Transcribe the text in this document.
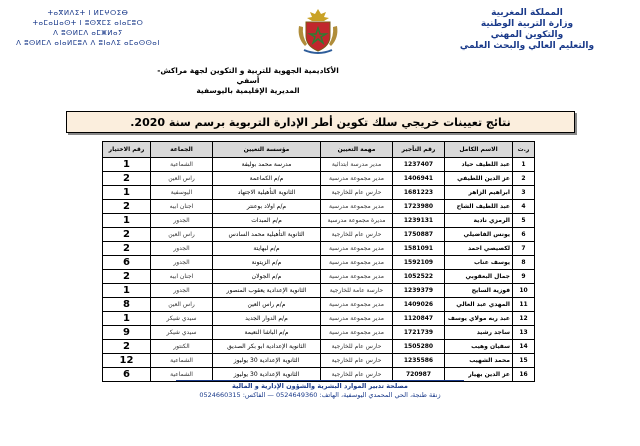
ⵜⴰⴳⵍⴷⵉⵜ ⵏ ⵍⵎⵖⵔⵉⴱ
ⵜⴰⵎⴰⵡⴰⵙⵜ ⵏ ⵓⵙⴳⵎⵉ ⴰⵏⴰⵎⵓⵔ
ⴷ ⵓⵙⵍⵎⴷ ⴰⵎⵥⵍⴰⵢ
ⴷ ⵓⵙⵍⵎⴷ ⴰⵏⴰⵍⵎⵓⴷ ⴷ ⵓⵏⴰⴷⵉ ⴰⵎⴰⵙⵙⴰⵏ
المملكة المغربية
وزارة التربية الوطنية
والتكوين المهني
والتعليم العالي والبحث العلمي
الأكاديمية الجهوية للتربية و التكوين لجهة مراكش-أسفي
المديرية الإقليمية باليوسفية
نتائج تعيينات خريجي سلك تكوين أطر الإدارة التربوية برسم سنة 2020.
ر.ت	الاسم الكامل	رقم التأجير	مهمة التعيين	مؤسسة التعيين	الجماعة	رقم الاختيار
1	عبد اللطيف حياد	1237407	مدير مدرسة ابتدائية	مدرسة محمد بوليفة	الشماعية	1
2	عز الدين اللطيفي	1406941	مدير مجموعة مدرسية	م/م الكماعمة	راس العين	2
3	ابراهيم الزاهر	1681223	حارس عام للخارجية	الثانوية التأهيلية الاجتهاد	اليوسفية	1
4	عبد اللطيف الشاح	1723980	مدير مجموعة مدرسية	م/م اولاد بوعنتر	اجنان ابيه	2
5	الرمزي نادية	1239131	مديرة مجموعة مدرسية	م/م المبدات	الجدور	1
6	يونس الفاضيلي	1750887	حارس عام للخارجية	الثانوية التأهيلية محمد السادس	راس العين	2
7	لكصيصي احمد	1581091	مدير مجموعة مدرسية	م/م لبهايتة	الجدور	2
8	يوسف عناب	1592109	مدير مجموعة مدرسية	م/م الزيتونة	الجدور	6
9	جمال البعقوبي	1052522	مدير مجموعة مدرسية	م/م الجولان	اجنان ابيه	2
10	فوزية السايح	1239379	حارسة عامة للخارجية	الثانوية الإعدادية يعقوب المنصور	الجدور	1
11	المهدي عبد العالي	1409026	مدير مجموعة مدرسية	م/م راس العين	راس العين	8
12	عبد ربه مولاي يوسف	1120847	مدير مجموعة مدرسية	م/م الدوار الجديد	سيدي شيكر	1
13	ساجد رشيد	1721739	مدير مجموعة مدرسية	م/م الباشا النعيمة	سيدي شيكر	9
14	سفيان وهيب	1505280	حارس عام للخارجية	الثانوية الإعدادية ابو بكر الصديق	الكنتور	2
15	محمد الشهيب	1235586	حارس عام للخارجية	الثانوية الإعدادية 30 يوليوز	الشماعية	12
16	عز الدين بهيار	720987	حارس عام للخارجية	الثانوية الإعدادية 30 يوليوز	الشماعية	6
مصلحة تدبير الموارد البشرية والشؤون الإدارية و المالية
زنقة طنجة، الحي المحمدي اليوسفية، الهاتف: 0524649360 — الفاكس: 0524660315
